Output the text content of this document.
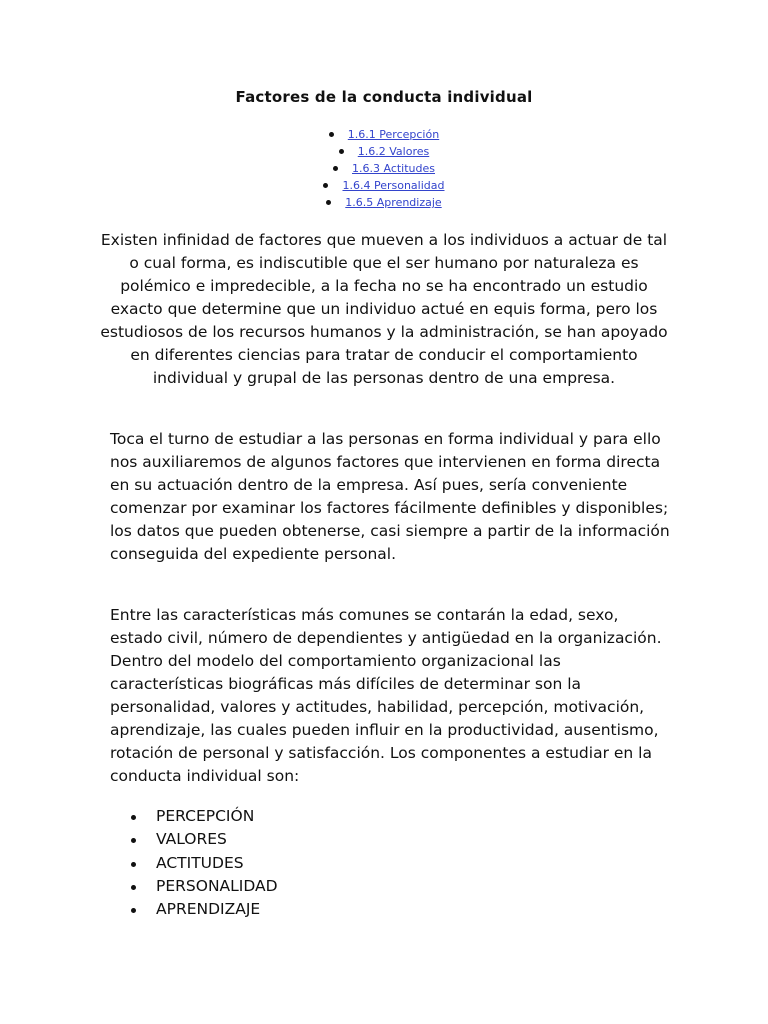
Factores de la conducta individual
1.6.1 Percepción
1.6.2 Valores
1.6.3 Actitudes
1.6.4 Personalidad
1.6.5 Aprendizaje

Existen infinidad de factores que mueven a los individuos a actuar de tal o cual forma, es indiscutible que el ser humano por naturaleza es polémico e impredecible, a la fecha no se ha encontrado un estudio exacto que determine que un individuo actué en equis forma, pero los estudiosos de los recursos humanos y la administración, se han apoyado en diferentes ciencias para tratar de conducir el comportamiento individual y grupal de las personas dentro de una empresa.

Toca el turno de estudiar a las personas en forma individual y para ello nos auxiliaremos de algunos factores que intervienen en forma directa en su actuación dentro de la empresa. Así pues, sería conveniente comenzar por examinar los factores fácilmente definibles y disponibles; los datos que pueden obtenerse, casi siempre a partir de la información conseguida del expediente personal.

Entre las características más comunes se contarán la edad, sexo, estado civil, número de dependientes y antigüedad en la organización. Dentro del modelo del comportamiento organizacional las características biográficas más difíciles de determinar son la personalidad, valores y actitudes, habilidad, percepción, motivación, aprendizaje, las cuales pueden influir en la productividad, ausentismo, rotación de personal y satisfacción. Los componentes a estudiar en la conducta individual son:

PERCEPCIÓN
VALORES
ACTITUDES
PERSONALIDAD
APRENDIZAJE
